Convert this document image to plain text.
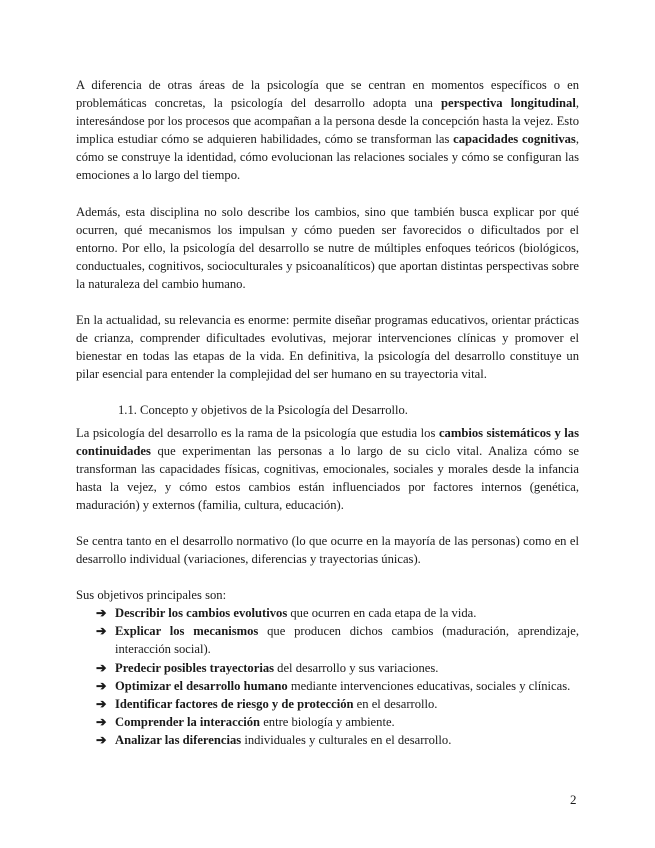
A diferencia de otras áreas de la psicología que se centran en momentos específicos o en problemáticas concretas, la psicología del desarrollo adopta una perspectiva longitudinal, interesándose por los procesos que acompañan a la persona desde la concepción hasta la vejez. Esto implica estudiar cómo se adquieren habilidades, cómo se transforman las capacidades cognitivas, cómo se construye la identidad, cómo evolucionan las relaciones sociales y cómo se configuran las emociones a lo largo del tiempo.

Además, esta disciplina no solo describe los cambios, sino que también busca explicar por qué ocurren, qué mecanismos los impulsan y cómo pueden ser favorecidos o dificultados por el entorno. Por ello, la psicología del desarrollo se nutre de múltiples enfoques teóricos (biológicos, conductuales, cognitivos, socioculturales y psicoanalíticos) que aportan distintas perspectivas sobre la naturaleza del cambio humano.

En la actualidad, su relevancia es enorme: permite diseñar programas educativos, orientar prácticas de crianza, comprender dificultades evolutivas, mejorar intervenciones clínicas y promover el bienestar en todas las etapas de la vida. En definitiva, la psicología del desarrollo constituye un pilar esencial para entender la complejidad del ser humano en su trayectoria vital.

1.1. Concepto y objetivos de la Psicología del Desarrollo.

La psicología del desarrollo es la rama de la psicología que estudia los cambios sistemáticos y las continuidades que experimentan las personas a lo largo de su ciclo vital. Analiza cómo se transforman las capacidades físicas, cognitivas, emocionales, sociales y morales desde la infancia hasta la vejez, y cómo estos cambios están influenciados por factores internos (genética, maduración) y externos (familia, cultura, educación).

Se centra tanto en el desarrollo normativo (lo que ocurre en la mayoría de las personas) como en el desarrollo individual (variaciones, diferencias y trayectorias únicas).

Sus objetivos principales son:

➔ Describir los cambios evolutivos que ocurren en cada etapa de la vida.
➔ Explicar los mecanismos que producen dichos cambios (maduración, aprendizaje, interacción social).
➔ Predecir posibles trayectorias del desarrollo y sus variaciones.
➔ Optimizar el desarrollo humano mediante intervenciones educativas, sociales y clínicas.
➔ Identificar factores de riesgo y de protección en el desarrollo.
➔ Comprender la interacción entre biología y ambiente.
➔ Analizar las diferencias individuales y culturales en el desarrollo.
2
